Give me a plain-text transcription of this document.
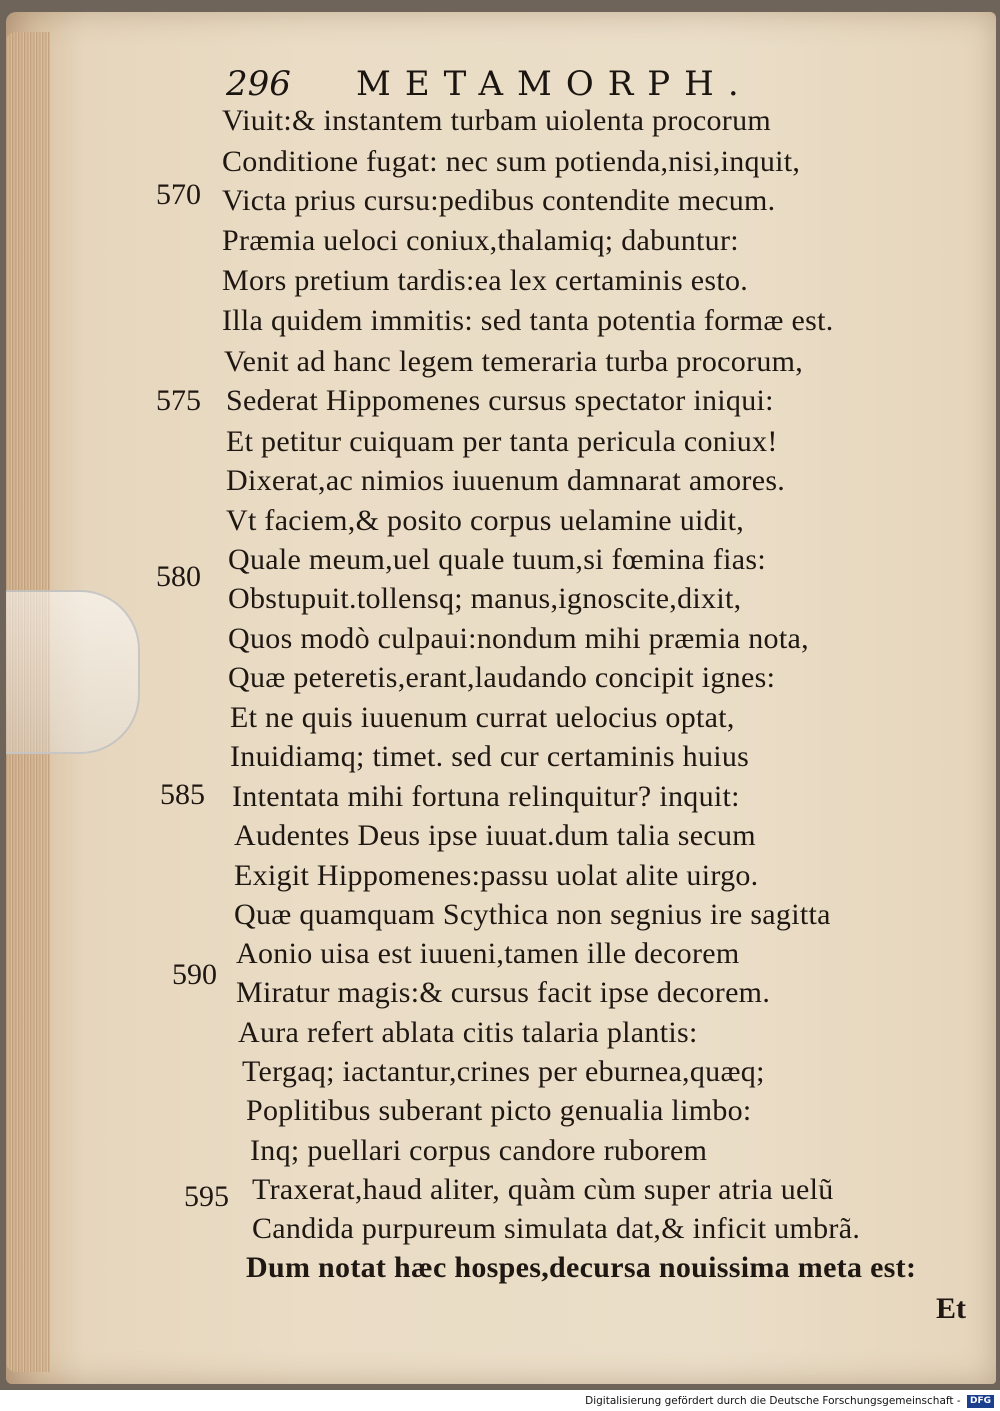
296 METAMORPH.
Viuit:& instantem turbam uiolenta procorum
Conditione fugat: nec sum potienda,nisi,inquit,
Victa prius cursu:pedibus contendite mecum.
Præmia ueloci coniux,thalamiq; dabuntur:
Mors pretium tardis:ea lex certaminis esto.
Illa quidem immitis: sed tanta potentia formæ est.
Venit ad hanc legem temeraria turba procorum,
Sederat Hippomenes cursus spectator iniqui:
Et petitur cuiquam per tanta pericula coniux!
Dixerat,ac nimios iuuenum damnarat amores.
Vt faciem,& posito corpus uelamine uidit,
Quale meum,uel quale tuum,si fœmina fias:
Obstupuit.tollensq; manus,ignoscite,dixit,
Quos modò culpaui:nondum mihi præmia nota,
Quæ peteretis,erant,laudando concipit ignes:
Et ne quis iuuenum currat uelocius optat,
Inuidiamq; timet. sed cur certaminis huius
Intentata mihi fortuna relinquitur? inquit:
Audentes Deus ipse iuuat.dum talia secum
Exigit Hippomenes:passu uolat alite uirgo.
Quæ quamquam Scythica non segnius ire sagitta
Aonio uisa est iuueni,tamen ille decorem
Miratur magis:& cursus facit ipse decorem.
Aura refert ablata citis talaria plantis:
Tergaq; iactantur,crines per eburnea,quæq;
Poplitibus suberant picto genualia limbo:
Inq; puellari corpus candore ruborem
Traxerat,haud aliter, quàm cùm super atria uelũ
Candida purpureum simulata dat,& inficit umbrã.
Dum notat hæc hospes,decursa nouissima meta est:
570
575
580
585
590
595
Et
Digitalisierung gefördert durch die Deutsche Forschungsgemeinschaft - DFG
